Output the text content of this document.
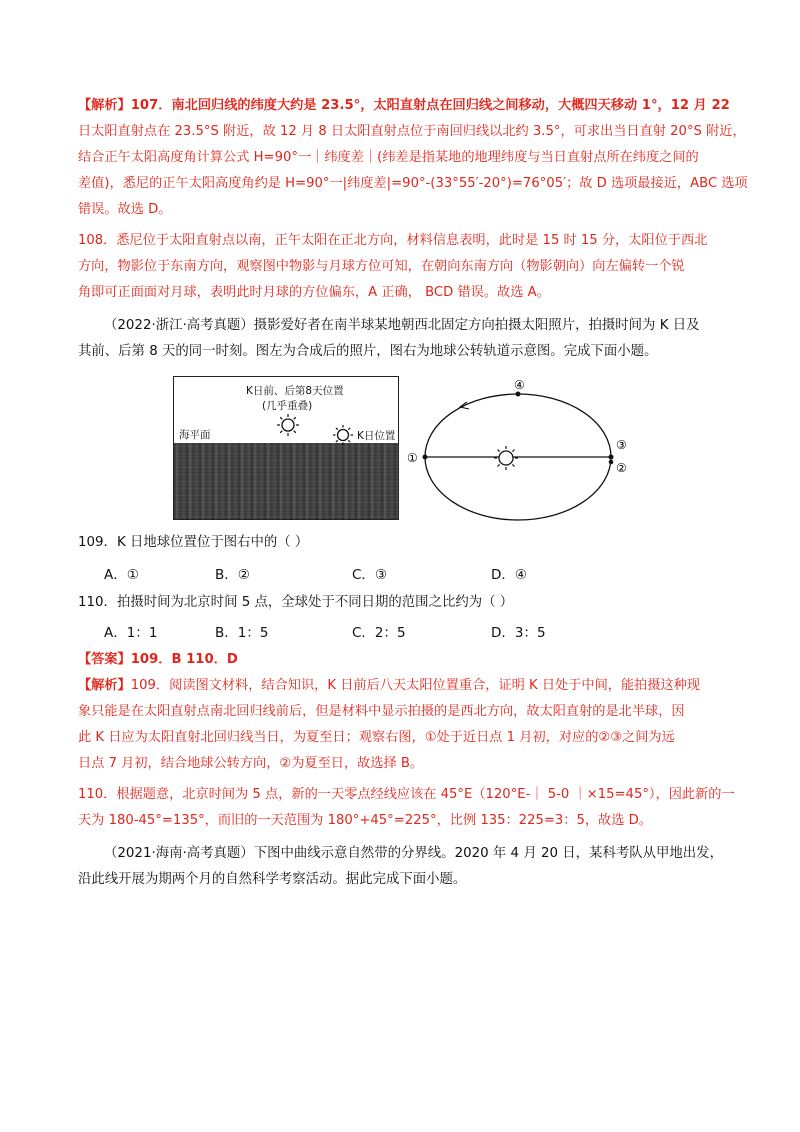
【解析】107．南北回归线的纬度大约是 23.5°，太阳直射点在回归线之间移动，大概四天移动 1°，12 月 22
日太阳直射点在 23.5°S 附近，故 12 月 8 日太阳直射点位于南回归线以北约 3.5°，可求出当日直射 20°S 附近，
结合正午太阳高度角计算公式 H=90°一｜纬度差｜(纬差是指某地的地理纬度与当日直射点所在纬度之间的
差值)，悉尼的正午太阳高度角约是 H=90°一|纬度差|=90°-(33°55′-20°)=76°05′；故 D 选项最接近，ABC 选项
错误。故选 D。
108．悉尼位于太阳直射点以南，正午太阳在正北方向，材料信息表明，此时是 15 时 15 分，太阳位于西北
方向，物影位于东南方向，观察图中物影与月球方位可知，在朝向东南方向（物影朝向）向左偏转一个锐
角即可正面面对月球，表明此时月球的方位偏东，A 正确， BCD 错误。故选 A。
（2022·浙江·高考真题）摄影爱好者在南半球某地朝西北固定方向拍摄太阳照片，拍摄时间为 K 日及
其前、后第 8 天的同一时刻。图左为合成后的照片，图右为地球公转轨道示意图。完成下面小题。
K日前、后第8天位置
(几乎重叠)
海平面	K日位置
①
④
③
②
109．K 日地球位置位于图右中的（ ）
A．①	B．②	C．③	D．④
110．拍摄时间为北京时间 5 点，全球处于不同日期的范围之比约为（ ）
A．1：1	B．1：5	C．2：5	D．3：5
【答案】109．B 110．D
【解析】109．阅读图文材料，结合知识，K 日前后八天太阳位置重合，证明 K 日处于中间，能拍摄这种现
象只能是在太阳直射点南北回归线前后，但是材料中显示拍摄的是西北方向，故太阳直射的是北半球，因
此 K 日应为太阳直射北回归线当日，为夏至日；观察右图，①处于近日点 1 月初，对应的②③之间为远
日点 7 月初，结合地球公转方向，②为夏至日，故选择 B。
110．根据题意，北京时间为 5 点，新的一天零点经线应该在 45°E（120°E-｜ 5-0 ｜×15=45°），因此新的一
天为 180-45°=135°，而旧的一天范围为 180°+45°=225°，比例 135：225=3：5，故选 D。
（2021·海南·高考真题）下图中曲线示意自然带的分界线。2020 年 4 月 20 日，某科考队从甲地出发，
沿此线开展为期两个月的自然科学考察活动。据此完成下面小题。
